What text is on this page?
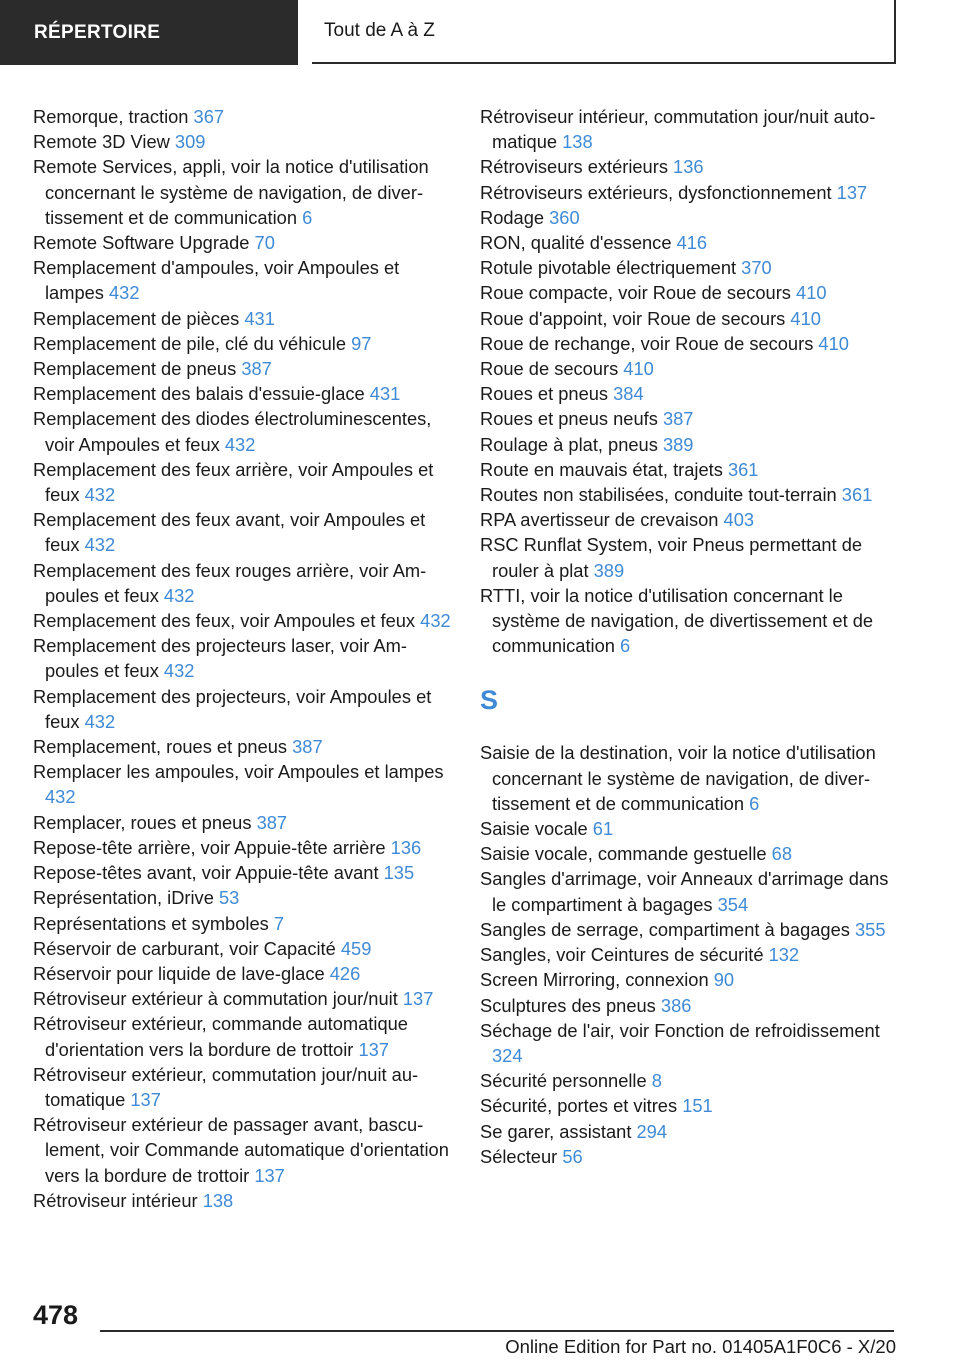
RÉPERTOIRE	Tout de A à Z

Remorque, traction 367

Remote 3D View 309

Remote Services, appli, voir la notice d'utilisation concernant le système de navigation, de divertissement et de communication 6

Remote Software Upgrade 70

Remplacement d'ampoules, voir Ampoules et lampes 432

Remplacement de pièces 431

Remplacement de pile, clé du véhicule 97

Remplacement de pneus 387

Remplacement des balais d'essuie-glace 431

Remplacement des diodes électroluminescentes, voir Ampoules et feux 432

Remplacement des feux arrière, voir Ampoules et feux 432

Remplacement des feux avant, voir Ampoules et feux 432

Remplacement des feux rouges arrière, voir Ampoules et feux 432

Remplacement des feux, voir Ampoules et feux 432

Remplacement des projecteurs laser, voir Ampoules et feux 432

Remplacement des projecteurs, voir Ampoules et feux 432

Remplacement, roues et pneus 387

Remplacer les ampoules, voir Ampoules et lampes 432

Remplacer, roues et pneus 387

Repose-tête arrière, voir Appuie-tête arrière 136

Repose-têtes avant, voir Appuie-tête avant 135

Représentation, iDrive 53

Représentations et symboles 7

Réservoir de carburant, voir Capacité 459

Réservoir pour liquide de lave-glace 426

Rétroviseur extérieur à commutation jour/nuit 137

Rétroviseur extérieur, commande automatique d'orientation vers la bordure de trottoir 137

Rétroviseur extérieur, commutation jour/nuit automatique 137

Rétroviseur extérieur de passager avant, basculement, voir Commande automatique d'orientation vers la bordure de trottoir 137

Rétroviseur intérieur 138

Rétroviseur intérieur, commutation jour/nuit automatique 138

Rétroviseurs extérieurs 136

Rétroviseurs extérieurs, dysfonctionnement 137

Rodage 360

RON, qualité d'essence 416

Rotule pivotable électriquement 370

Roue compacte, voir Roue de secours 410

Roue d'appoint, voir Roue de secours 410

Roue de rechange, voir Roue de secours 410

Roue de secours 410

Roues et pneus 384

Roues et pneus neufs 387

Roulage à plat, pneus 389

Route en mauvais état, trajets 361

Routes non stabilisées, conduite tout-terrain 361

RPA avertisseur de crevaison 403

RSC Runflat System, voir Pneus permettant de rouler à plat 389

RTTI, voir la notice d'utilisation concernant le système de navigation, de divertissement et de communication 6

S

Saisie de la destination, voir la notice d'utilisation concernant le système de navigation, de divertissement et de communication 6

Saisie vocale 61

Saisie vocale, commande gestuelle 68

Sangles d'arrimage, voir Anneaux d'arrimage dans le compartiment à bagages 354

Sangles de serrage, compartiment à bagages 355

Sangles, voir Ceintures de sécurité 132

Screen Mirroring, connexion 90

Sculptures des pneus 386

Séchage de l'air, voir Fonction de refroidissement 324

Sécurité personnelle 8

Sécurité, portes et vitres 151

Se garer, assistant 294

Sélecteur 56

478
Online Edition for Part no. 01405A1F0C6 - X/20
